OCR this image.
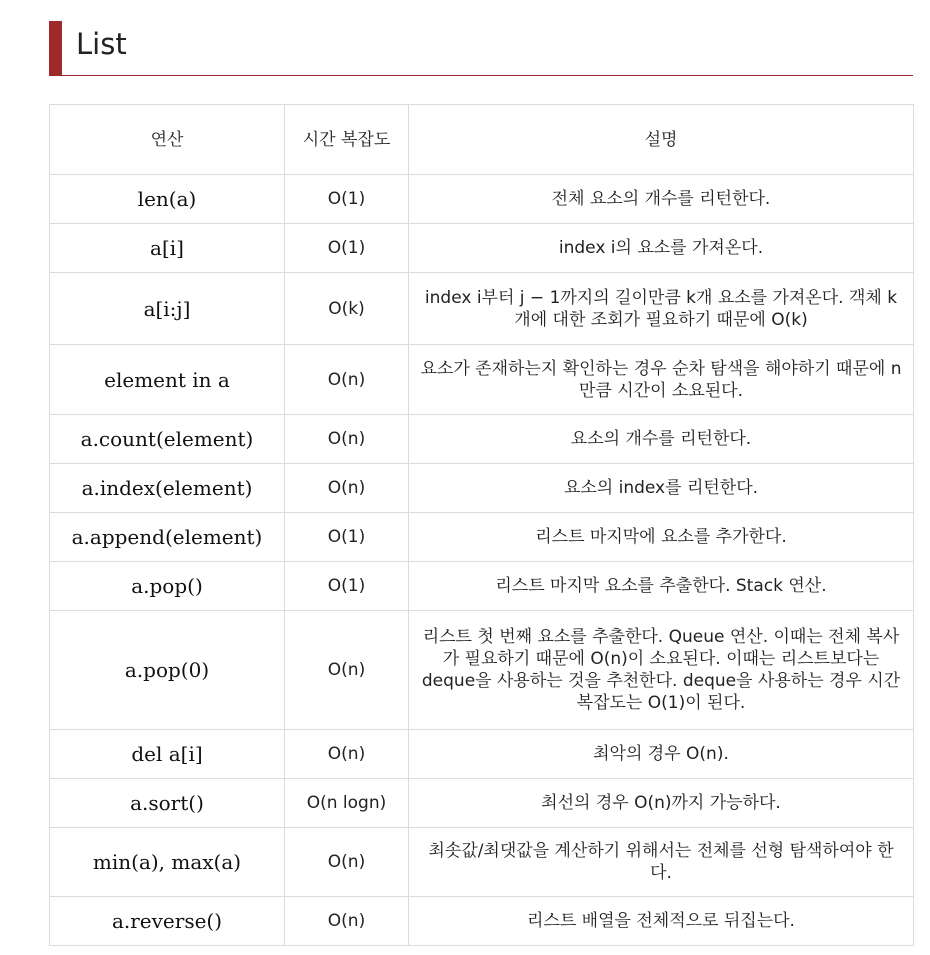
List
연산	시간 복잡도	설명
len(a)	O(1)	전체 요소의 개수를 리턴한다.
a[i]	O(1)	index i의 요소를 가져온다.
a[i:j]	O(k)	index i부터 j − 1까지의 길이만큼 k개 요소를 가져온다. 객체 k개에 대한 조회가 필요하기 때문에 O(k)
element in a	O(n)	요소가 존재하는지 확인하는 경우 순차 탐색을 해야하기 때문에 n만큼 시간이 소요된다.
a.count(element)	O(n)	요소의 개수를 리턴한다.
a.index(element)	O(n)	요소의 index를 리턴한다.
a.append(element)	O(1)	리스트 마지막에 요소를 추가한다.
a.pop()	O(1)	리스트 마지막 요소를 추출한다. Stack 연산.
a.pop(0)	O(n)	리스트 첫 번째 요소를 추출한다. Queue 연산. 이때는 전체 복사가 필요하기 때문에 O(n)이 소요된다. 이때는 리스트보다는 deque을 사용하는 것을 추천한다. deque을 사용하는 경우 시간 복잡도는 O(1)이 된다.
del a[i]	O(n)	최악의 경우 O(n).
a.sort()	O(n logn)	최선의 경우 O(n)까지 가능하다.
min(a), max(a)	O(n)	최솟값/최댓값을 계산하기 위해서는 전체를 선형 탐색하여야 한다.
a.reverse()	O(n)	리스트 배열을 전체적으로 뒤집는다.
